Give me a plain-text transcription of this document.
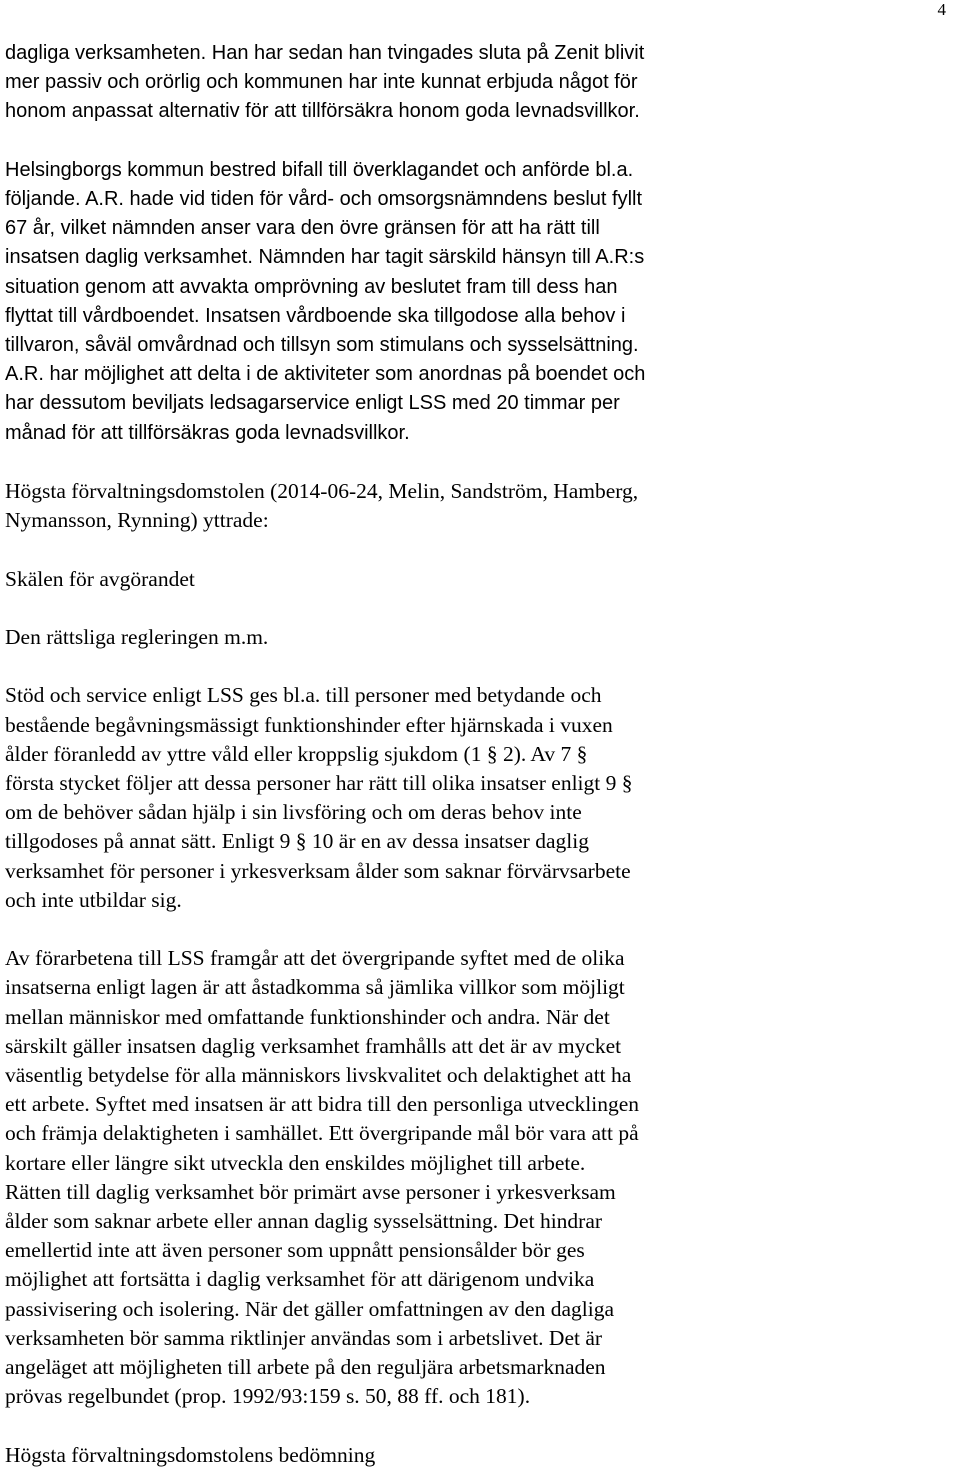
4

dagliga verksamheten. Han har sedan han tvingades sluta på Zenit blivit
mer passiv och orörlig och kommunen har inte kunnat erbjuda något för
honom anpassat alternativ för att tillförsäkra honom goda levnadsvillkor.

Helsingborgs kommun bestred bifall till överklagandet och anförde bl.a.
följande. A.R. hade vid tiden för vård- och omsorgsnämndens beslut fyllt
67 år, vilket nämnden anser vara den övre gränsen för att ha rätt till
insatsen daglig verksamhet. Nämnden har tagit särskild hänsyn till A.R:s
situation genom att avvakta omprövning av beslutet fram till dess han
flyttat till vårdboendet. Insatsen vårdboende ska tillgodose alla behov i
tillvaron, såväl omvårdnad och tillsyn som stimulans och sysselsättning.
A.R. har möjlighet att delta i de aktiviteter som anordnas på boendet och
har dessutom beviljats ledsagarservice enligt LSS med 20 timmar per
månad för att tillförsäkras goda levnadsvillkor.

Högsta förvaltningsdomstolen (2014-06-24, Melin, Sandström, Hamberg,
Nymansson, Rynning) yttrade:

Skälen för avgörandet

Den rättsliga regleringen m.m.

Stöd och service enligt LSS ges bl.a. till personer med betydande och
bestående begåvningsmässigt funktionshinder efter hjärnskada i vuxen
ålder föranledd av yttre våld eller kroppslig sjukdom (1 § 2). Av 7 §
första stycket följer att dessa personer har rätt till olika insatser enligt 9 §
om de behöver sådan hjälp i sin livsföring och om deras behov inte
tillgodoses på annat sätt. Enligt 9 § 10 är en av dessa insatser daglig
verksamhet för personer i yrkesverksam ålder som saknar förvärvsarbete
och inte utbildar sig.

Av förarbetena till LSS framgår att det övergripande syftet med de olika
insatserna enligt lagen är att åstadkomma så jämlika villkor som möjligt
mellan människor med omfattande funktionshinder och andra. När det
särskilt gäller insatsen daglig verksamhet framhålls att det är av mycket
väsentlig betydelse för alla människors livskvalitet och delaktighet att ha
ett arbete. Syftet med insatsen är att bidra till den personliga utvecklingen
och främja delaktigheten i samhället. Ett övergripande mål bör vara att på
kortare eller längre sikt utveckla den enskildes möjlighet till arbete.
Rätten till daglig verksamhet bör primärt avse personer i yrkesverksam
ålder som saknar arbete eller annan daglig sysselsättning. Det hindrar
emellertid inte att även personer som uppnått pensionsålder bör ges
möjlighet att fortsätta i daglig verksamhet för att därigenom undvika
passivisering och isolering. När det gäller omfattningen av den dagliga
verksamheten bör samma riktlinjer användas som i arbetslivet. Det är
angeläget att möjligheten till arbete på den reguljära arbetsmarknaden
prövas regelbundet (prop. 1992/93:159 s. 50, 88 ff. och 181).

Högsta förvaltningsdomstolens bedömning
